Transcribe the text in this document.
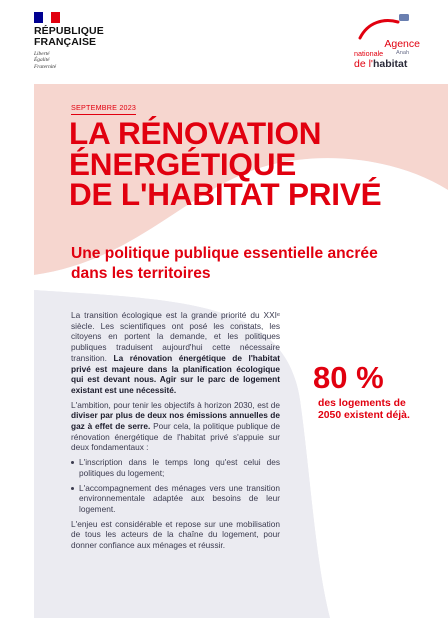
RÉPUBLIQUE
FRANÇAISE
Liberté
Égalité
Fraternité
Agence
nationale Anah
de l'habitat
SEPTEMBRE 2023
LA RÉNOVATION
ÉNERGÉTIQUE
DE L'HABITAT PRIVÉ
Une politique publique essentielle ancrée dans les territoires

La transition écologique est la grande priorité du XXIᵉ siècle. Les scientifiques ont posé les constats, les citoyens en portent la demande, et les politiques publiques traduisent aujourd'hui cette nécessaire transition. La rénovation énergétique de l'habitat privé est majeure dans la planification écologique qui est devant nous. Agir sur le parc de logement existant est une nécessité.

L'ambition, pour tenir les objectifs à horizon 2030, est de diviser par plus de deux nos émissions annuelles de gaz à effet de serre. Pour cela, la politique publique de rénovation énergétique de l'habitat privé s'appuie sur deux fondamentaux :

L'inscription dans le temps long qu'est celui des politiques du logement;
L'accompagnement des ménages vers une transition environnementale adaptée aux besoins de leur logement.

L'enjeu est considérable et repose sur une mobilisation de tous les acteurs de la chaîne du logement, pour donner confiance aux ménages et réussir.

80 %
des logements de 2050 existent déjà.
